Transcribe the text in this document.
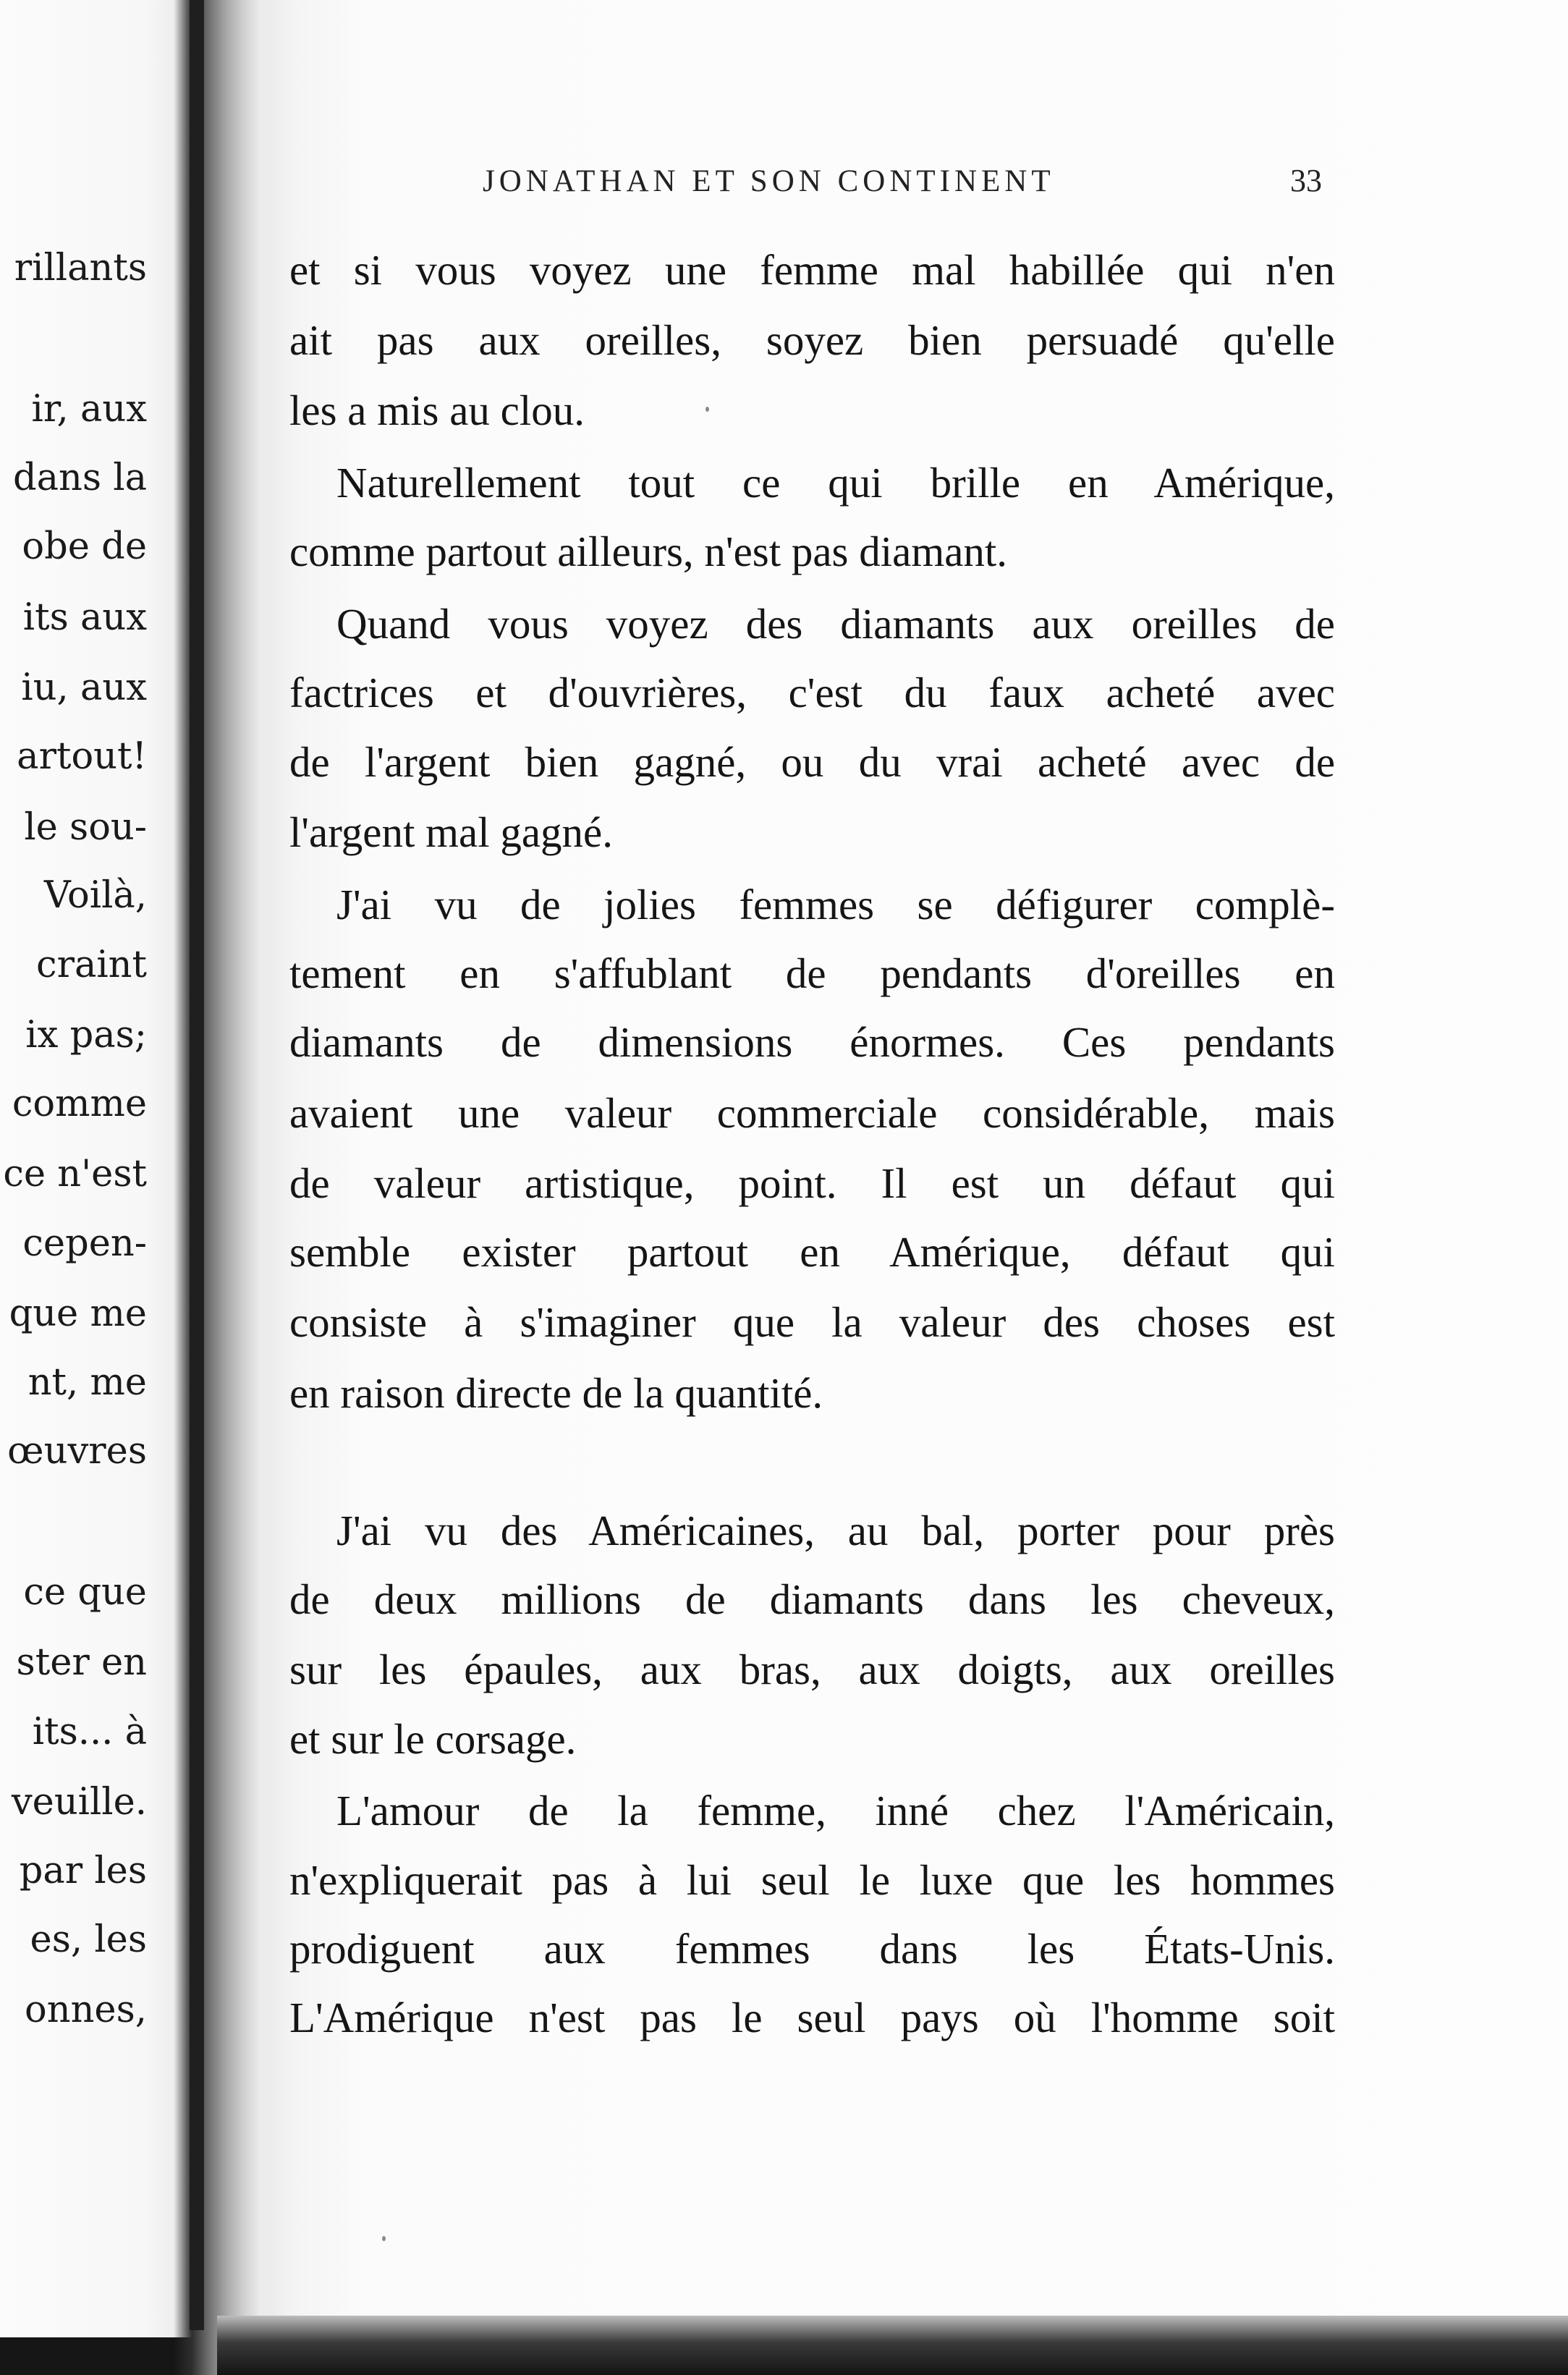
rillants
ir, aux
dans la
obe de
its aux
iu, aux
artout!
le sou-
Voilà,
craint
ix pas;
comme
ce n'est
cepen-
que me
nt, me
œuvres
ce que
ster en
its... à
veuille.
par les
es, les
onnes,
JONATHAN ET SON CONTINENT	33
et si vous voyez une femme mal habillée qui n'en
ait pas aux oreilles, soyez bien persuadé qu'elle
les a mis au clou.
Naturellement tout ce qui brille en Amérique,
comme partout ailleurs, n'est pas diamant.
Quand vous voyez des diamants aux oreilles de
factrices et d'ouvrières, c'est du faux acheté avec
de l'argent bien gagné, ou du vrai acheté avec de
l'argent mal gagné.
J'ai vu de jolies femmes se défigurer complè-
tement en s'affublant de pendants d'oreilles en
diamants de dimensions énormes. Ces pendants
avaient une valeur commerciale considérable, mais
de valeur artistique, point. Il est un défaut qui
semble exister partout en Amérique, défaut qui
consiste à s'imaginer que la valeur des choses est
en raison directe de la quantité.
J'ai vu des Américaines, au bal, porter pour près
de deux millions de diamants dans les cheveux,
sur les épaules, aux bras, aux doigts, aux oreilles
et sur le corsage.
L'amour de la femme, inné chez l'Américain,
n'expliquerait pas à lui seul le luxe que les hommes
prodiguent aux femmes dans les États-Unis.
L'Amérique n'est pas le seul pays où l'homme soit
